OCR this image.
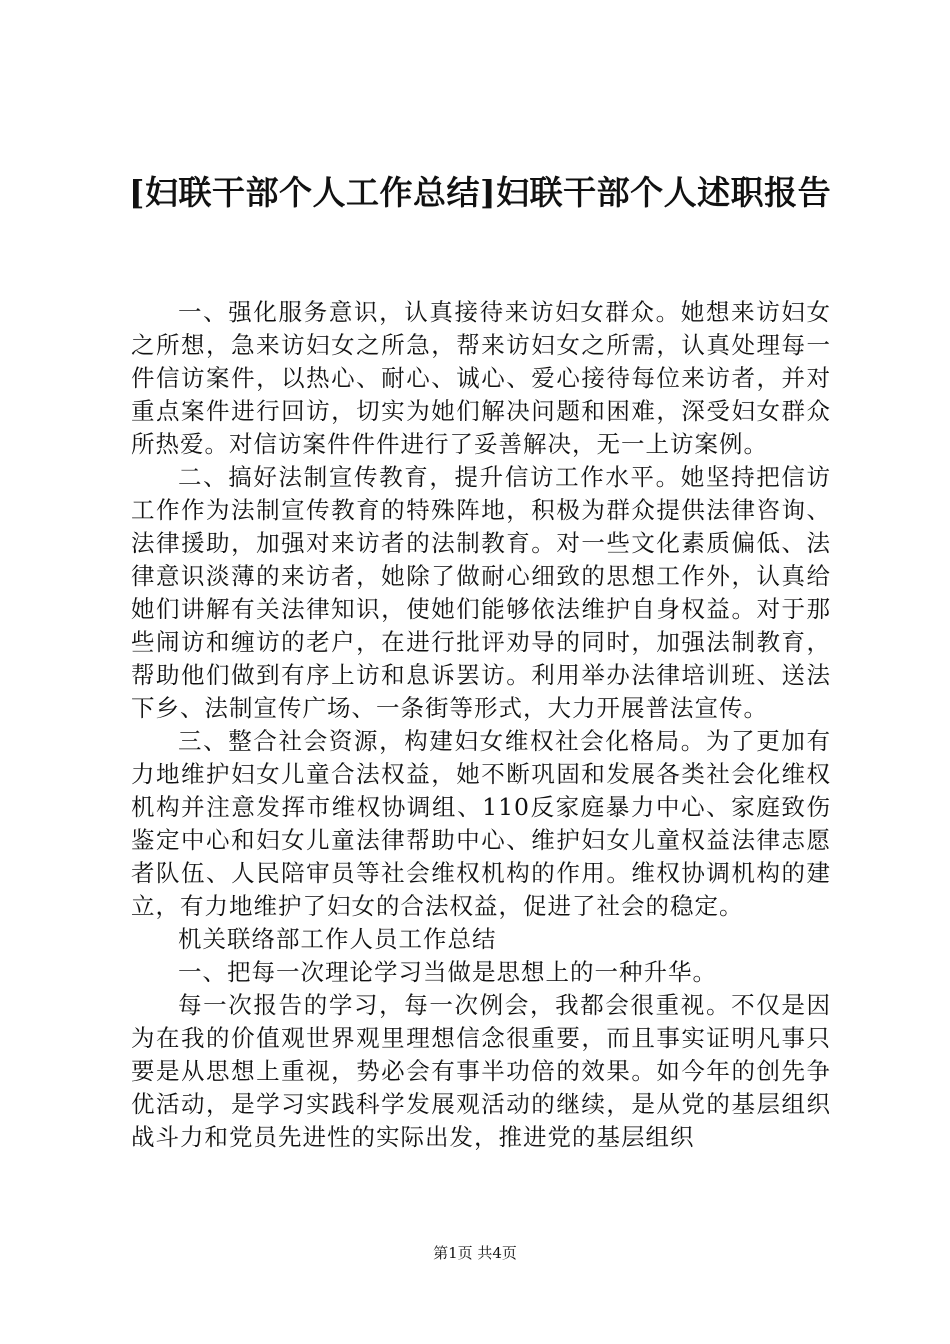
[妇联干部个人工作总结]妇联干部个人述职报告

一、强化服务意识，认真接待来访妇女群众。她想来访妇女之所想，急来访妇女之所急，帮来访妇女之所需，认真处理每一件信访案件，以热心、耐心、诚心、爱心接待每位来访者，并对重点案件进行回访，切实为她们解决问题和困难，深受妇女群众所热爱。对信访案件件件进行了妥善解决，无一上访案例。

二、搞好法制宣传教育，提升信访工作水平。她坚持把信访工作作为法制宣传教育的特殊阵地，积极为群众提供法律咨询、法律援助，加强对来访者的法制教育。对一些文化素质偏低、法律意识淡薄的来访者，她除了做耐心细致的思想工作外，认真给她们讲解有关法律知识，使她们能够依法维护自身权益。对于那些闹访和缠访的老户，在进行批评劝导的同时，加强法制教育，帮助他们做到有序上访和息诉罢访。利用举办法律培训班、送法下乡、法制宣传广场、一条街等形式，大力开展普法宣传。

三、整合社会资源，构建妇女维权社会化格局。为了更加有力地维护妇女儿童合法权益，她不断巩固和发展各类社会化维权机构并注意发挥市维权协调组、110反家庭暴力中心、家庭致伤鉴定中心和妇女儿童法律帮助中心、维护妇女儿童权益法律志愿者队伍、人民陪审员等社会维权机构的作用。维权协调机构的建立，有力地维护了妇女的合法权益，促进了社会的稳定。

机关联络部工作人员工作总结

一、把每一次理论学习当做是思想上的一种升华。

每一次报告的学习，每一次例会，我都会很重视。不仅是因为在我的价值观世界观里理想信念很重要，而且事实证明凡事只要是从思想上重视，势必会有事半功倍的效果。如今年的创先争优活动，是学习实践科学发展观活动的继续，是从党的基层组织战斗力和党员先进性的实际出发，推进党的基层组织

第1页 共4页
